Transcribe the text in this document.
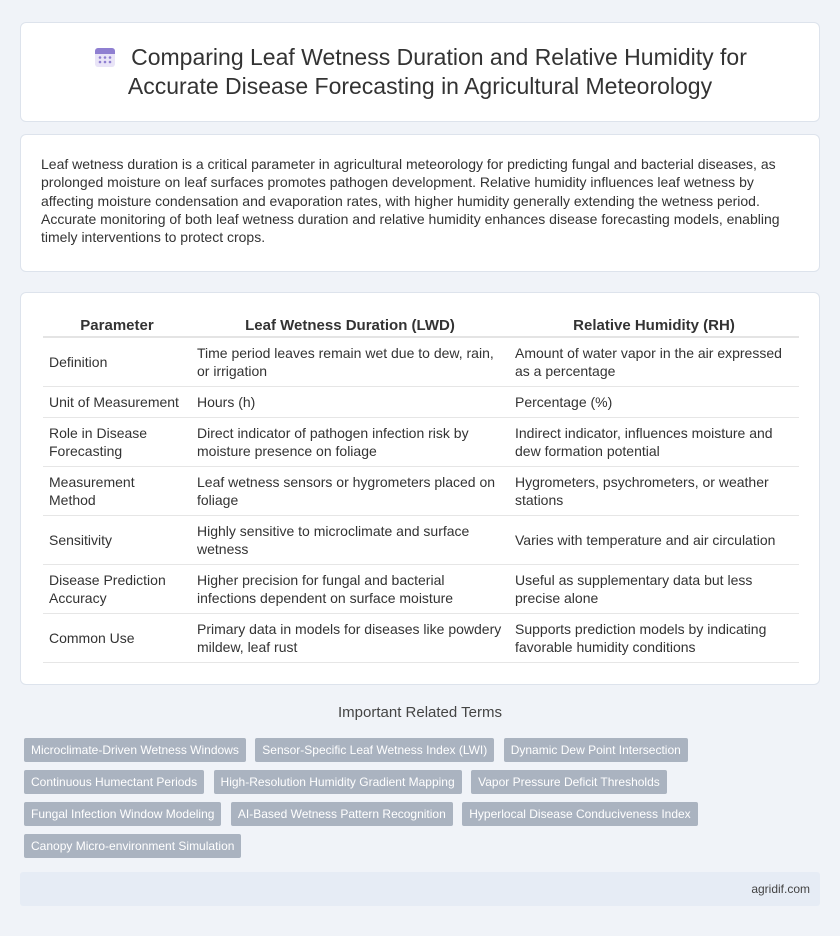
Comparing Leaf Wetness Duration and Relative Humidity for Accurate Disease Forecasting in Agricultural Meteorology

Leaf wetness duration is a critical parameter in agricultural meteorology for predicting fungal and bacterial diseases, as prolonged moisture on leaf surfaces promotes pathogen development. Relative humidity influences leaf wetness by affecting moisture condensation and evaporation rates, with higher humidity generally extending the wetness period. Accurate monitoring of both leaf wetness duration and relative humidity enhances disease forecasting models, enabling timely interventions to protect crops.

Parameter	Leaf Wetness Duration (LWD)	Relative Humidity (RH)
Definition	Time period leaves remain wet due to dew, rain, or irrigation	Amount of water vapor in the air expressed as a percentage
Unit of Measurement	Hours (h)	Percentage (%)
Role in Disease Forecasting	Direct indicator of pathogen infection risk by moisture presence on foliage	Indirect indicator, influences moisture and dew formation potential
Measurement Method	Leaf wetness sensors or hygrometers placed on foliage	Hygrometers, psychrometers, or weather stations
Sensitivity	Highly sensitive to microclimate and surface wetness	Varies with temperature and air circulation
Disease Prediction Accuracy	Higher precision for fungal and bacterial infections dependent on surface moisture	Useful as supplementary data but less precise alone
Common Use	Primary data in models for diseases like powdery mildew, leaf rust	Supports prediction models by indicating favorable humidity conditions
Important Related Terms
Microclimate-Driven Wetness Windows Sensor-Specific Leaf Wetness Index (LWI) Dynamic Dew Point Intersection Continuous Humectant Periods High-Resolution Humidity Gradient Mapping Vapor Pressure Deficit Thresholds Fungal Infection Window Modeling AI-Based Wetness Pattern Recognition Hyperlocal Disease Conduciveness Index Canopy Micro-environment Simulation
agridif.com
